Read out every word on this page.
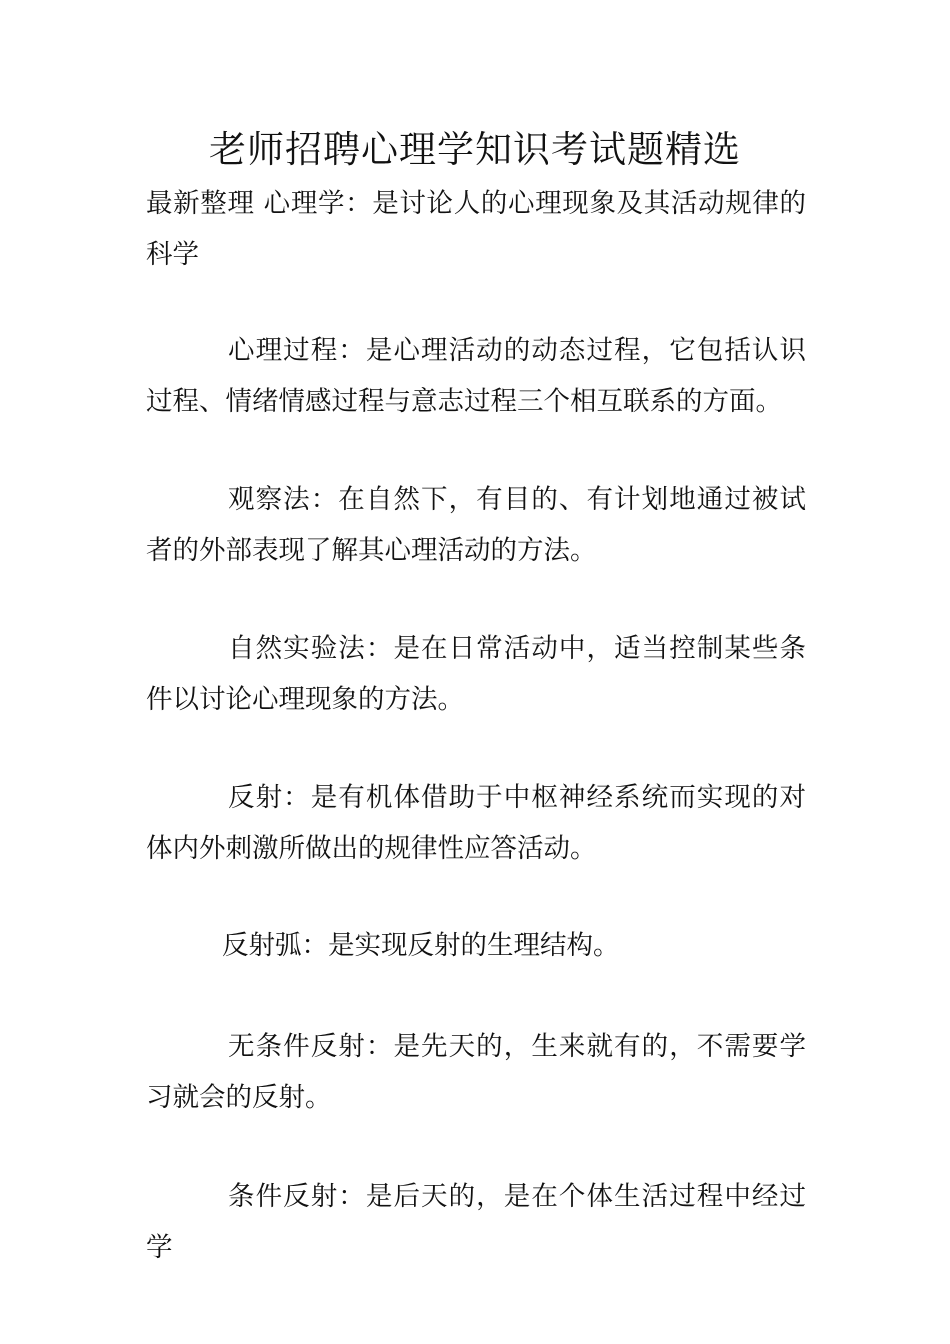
老师招聘心理学知识考试题精选

最新整理 心理学：是讨论人的心理现象及其活动规律的科学

心理过程：是心理活动的动态过程，它包括认识过程、情绪情感过程与意志过程三个相互联系的方面。

观察法：在自然下，有目的、有计划地通过被试者的外部表现了解其心理活动的方法。

自然实验法：是在日常活动中，适当控制某些条件以讨论心理现象的方法。

反射：是有机体借助于中枢神经系统而实现的对体内外刺激所做出的规律性应答活动。

反射弧：是实现反射的生理结构。

无条件反射：是先天的，生来就有的，不需要学习就会的反射。

条件反射：是后天的，是在个体生活过程中经过学
